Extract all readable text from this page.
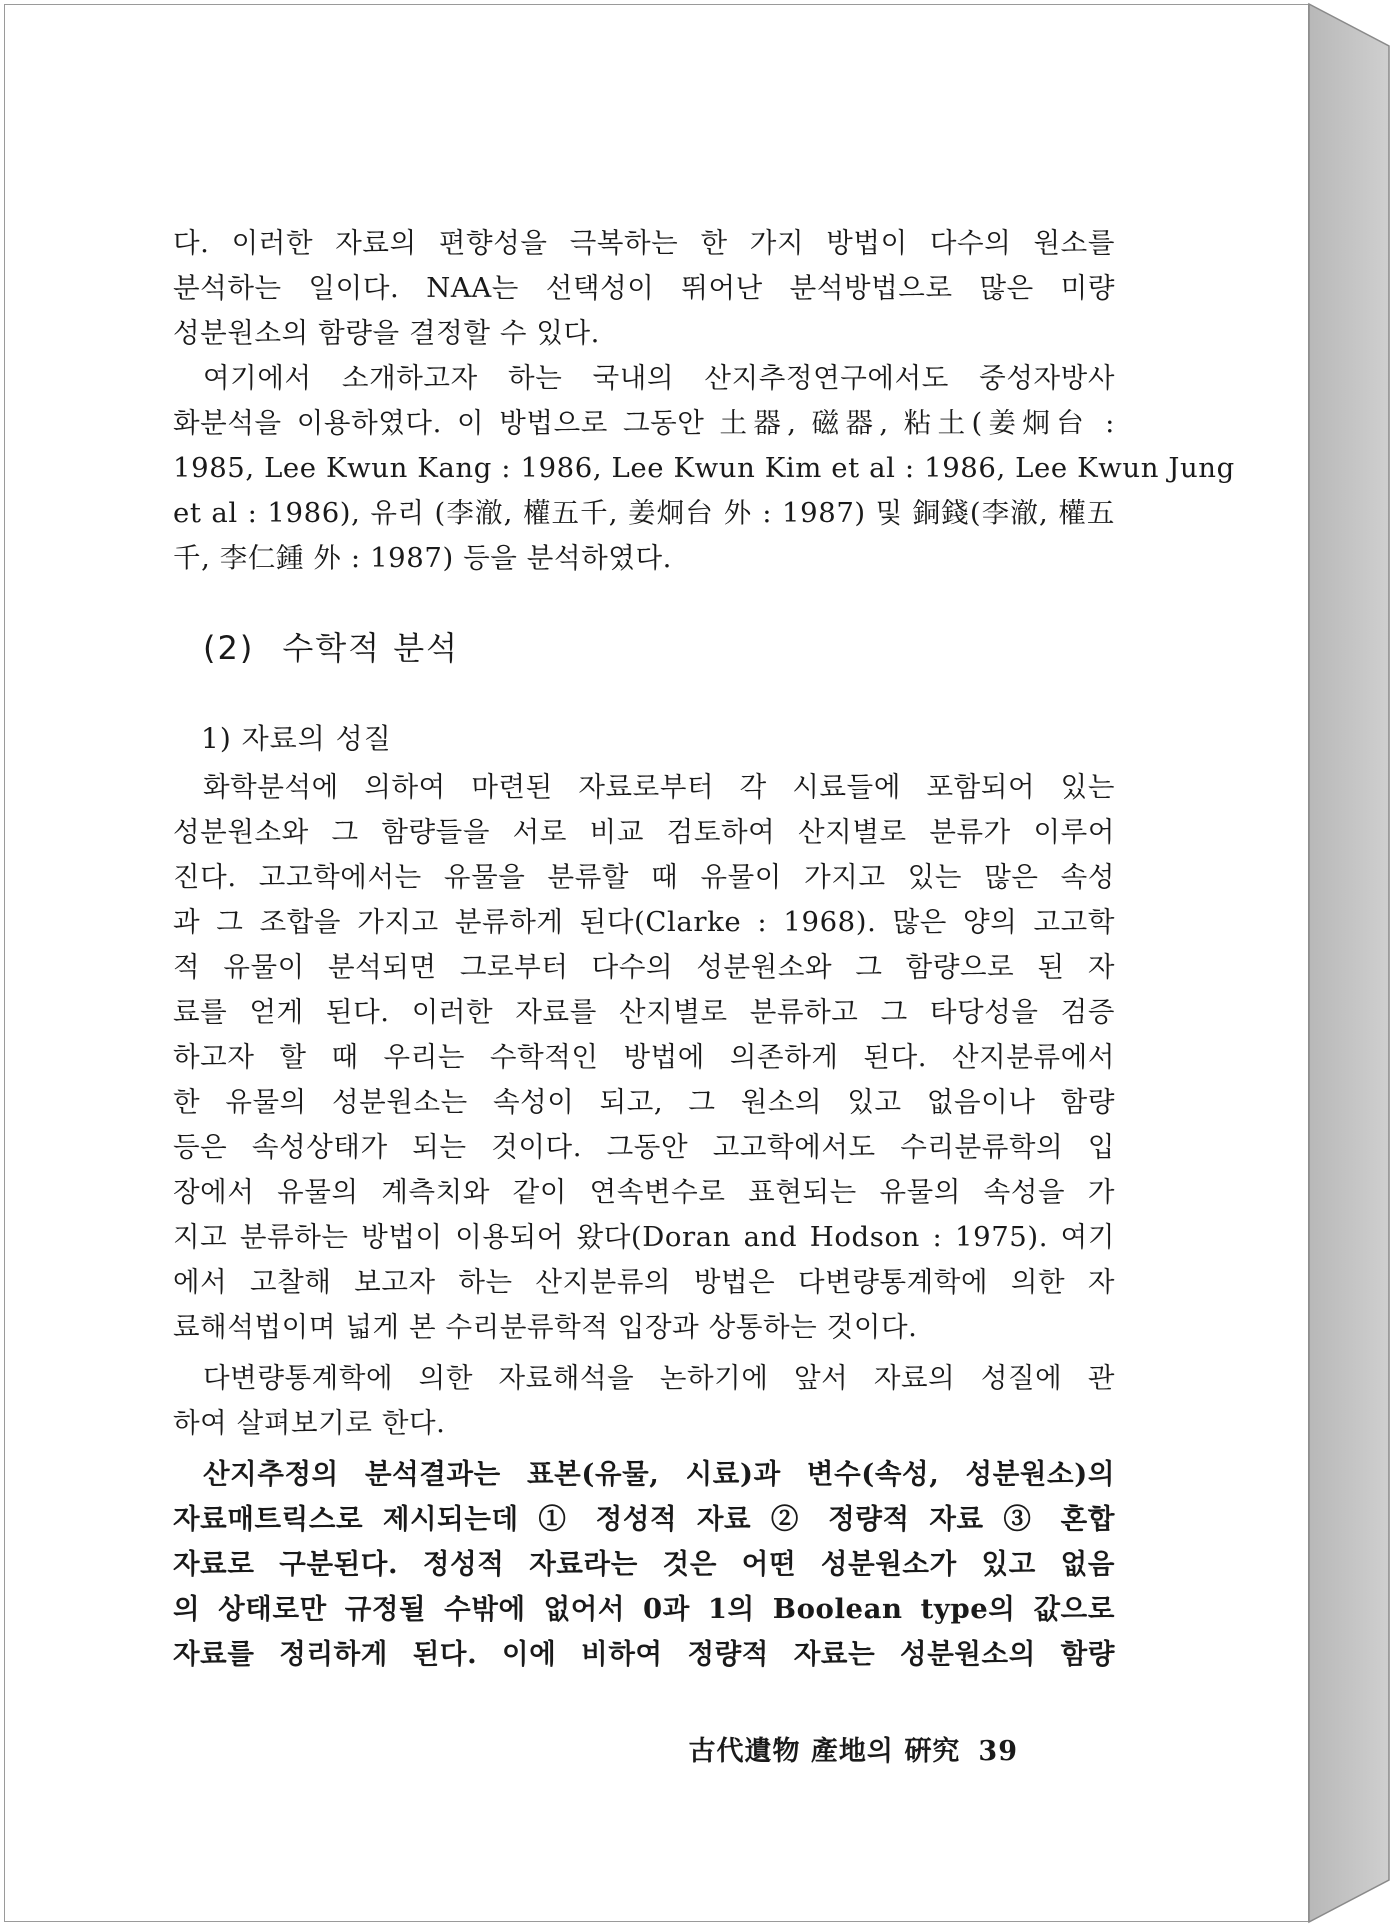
다. 이러한 자료의 편향성을 극복하는 한 가지 방법이 다수의 원소를
분석하는 일이다. NAA는 선택성이 뛰어난 분석방법으로 많은 미량
성분원소의 함량을 결정할 수 있다.
여기에서 소개하고자 하는 국내의 산지추정연구에서도 중성자방사
화분석을 이용하였다. 이 방법으로 그동안 土器, 磁器, 粘土(姜炯台 :
1985, Lee Kwun Kang : 1986, Lee Kwun Kim et al : 1986, Lee Kwun Jung
et al : 1986), 유리 (李澈, 權五千, 姜炯台 外 : 1987) 및 銅錢(李澈, 權五
千, 李仁鍾 外 : 1987) 등을 분석하였다.
(2) 수학적 분석
1) 자료의 성질
화학분석에 의하여 마련된 자료로부터 각 시료들에 포함되어 있는
성분원소와 그 함량들을 서로 비교 검토하여 산지별로 분류가 이루어
진다. 고고학에서는 유물을 분류할 때 유물이 가지고 있는 많은 속성
과 그 조합을 가지고 분류하게 된다(Clarke : 1968). 많은 양의 고고학
적 유물이 분석되면 그로부터 다수의 성분원소와 그 함량으로 된 자
료를 얻게 된다. 이러한 자료를 산지별로 분류하고 그 타당성을 검증
하고자 할 때 우리는 수학적인 방법에 의존하게 된다. 산지분류에서
한 유물의 성분원소는 속성이 되고, 그 원소의 있고 없음이나 함량
등은 속성상태가 되는 것이다. 그동안 고고학에서도 수리분류학의 입
장에서 유물의 계측치와 같이 연속변수로 표현되는 유물의 속성을 가
지고 분류하는 방법이 이용되어 왔다(Doran and Hodson : 1975). 여기
에서 고찰해 보고자 하는 산지분류의 방법은 다변량통계학에 의한 자
료해석법이며 넓게 본 수리분류학적 입장과 상통하는 것이다.
다변량통계학에 의한 자료해석을 논하기에 앞서 자료의 성질에 관
하여 살펴보기로 한다.
산지추정의 분석결과는 표본(유물, 시료)과 변수(속성, 성분원소)의
자료매트릭스로 제시되는데 ① 정성적 자료 ② 정량적 자료 ③ 혼합
자료로 구분된다. 정성적 자료라는 것은 어떤 성분원소가 있고 없음
의 상태로만 규정될 수밖에 없어서 0과 1의 Boolean type의 값으로
자료를 정리하게 된다. 이에 비하여 정량적 자료는 성분원소의 함량
古代遺物 產地의 硏究 39
